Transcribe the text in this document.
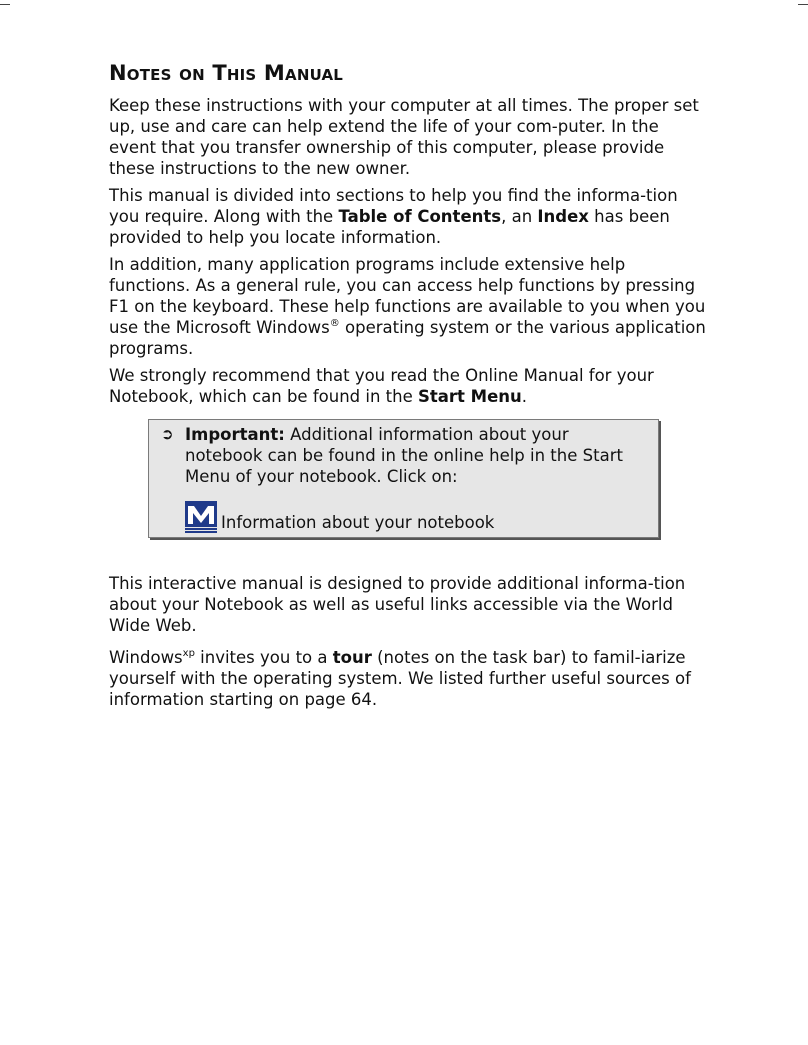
Notes on This Manual

Keep these instructions with your computer at all times. The proper set up, use and care can help extend the life of your com-puter. In the event that you transfer ownership of this computer, please provide these instructions to the new owner.

This manual is divided into sections to help you find the informa-tion you require. Along with the Table of Contents, an Index has been provided to help you locate information.

In addition, many application programs include extensive help functions. As a general rule, you can access help functions by pressing F1 on the keyboard. These help functions are available to you when you use the Microsoft Windows® operating system or the various application programs.

We strongly recommend that you read the Online Manual for your Notebook, which can be found in the Start Menu.

➲ Important: Additional information about your notebook can be found in the online help in the Start Menu of your notebook. Click on:
Information about your notebook

This interactive manual is designed to provide additional informa-tion about your Notebook as well as useful links accessible via the World Wide Web.

Windows$^{xp}$ invites you to a tour (notes on the task bar) to famil-iarize yourself with the operating system. We listed further useful sources of information starting on page 64.
